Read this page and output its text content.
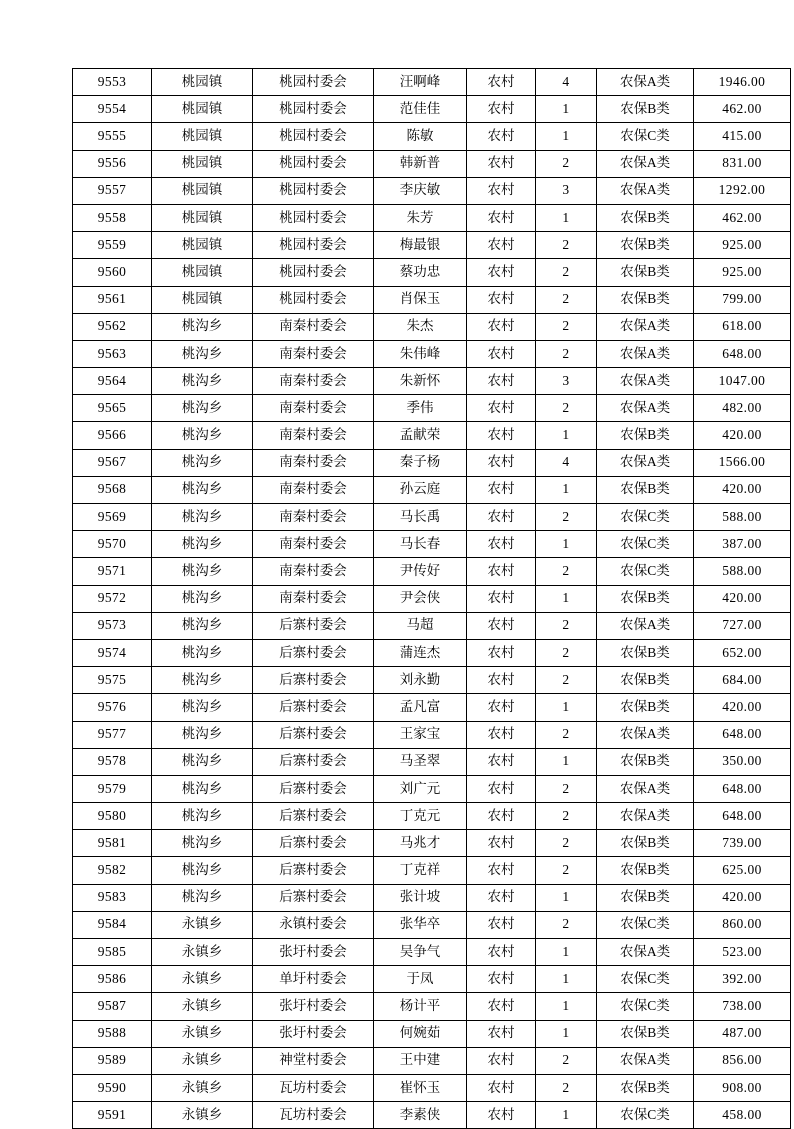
9553	桃园镇	桃园村委会	汪啊峰	农村	4	农保A类	1946.00
9554	桃园镇	桃园村委会	范佳佳	农村	1	农保B类	462.00
9555	桃园镇	桃园村委会	陈敏	农村	1	农保C类	415.00
9556	桃园镇	桃园村委会	韩新普	农村	2	农保A类	831.00
9557	桃园镇	桃园村委会	李庆敏	农村	3	农保A类	1292.00
9558	桃园镇	桃园村委会	朱芳	农村	1	农保B类	462.00
9559	桃园镇	桃园村委会	梅最银	农村	2	农保B类	925.00
9560	桃园镇	桃园村委会	蔡功忠	农村	2	农保B类	925.00
9561	桃园镇	桃园村委会	肖保玉	农村	2	农保B类	799.00
9562	桃沟乡	南秦村委会	朱杰	农村	2	农保A类	618.00
9563	桃沟乡	南秦村委会	朱伟峰	农村	2	农保A类	648.00
9564	桃沟乡	南秦村委会	朱新怀	农村	3	农保A类	1047.00
9565	桃沟乡	南秦村委会	季伟	农村	2	农保A类	482.00
9566	桃沟乡	南秦村委会	孟献荣	农村	1	农保B类	420.00
9567	桃沟乡	南秦村委会	秦子杨	农村	4	农保A类	1566.00
9568	桃沟乡	南秦村委会	孙云庭	农村	1	农保B类	420.00
9569	桃沟乡	南秦村委会	马长禹	农村	2	农保C类	588.00
9570	桃沟乡	南秦村委会	马长春	农村	1	农保C类	387.00
9571	桃沟乡	南秦村委会	尹传好	农村	2	农保C类	588.00
9572	桃沟乡	南秦村委会	尹会侠	农村	1	农保B类	420.00
9573	桃沟乡	后寨村委会	马超	农村	2	农保A类	727.00
9574	桃沟乡	后寨村委会	蒲连杰	农村	2	农保B类	652.00
9575	桃沟乡	后寨村委会	刘永勤	农村	2	农保B类	684.00
9576	桃沟乡	后寨村委会	孟凡富	农村	1	农保B类	420.00
9577	桃沟乡	后寨村委会	王家宝	农村	2	农保A类	648.00
9578	桃沟乡	后寨村委会	马圣翠	农村	1	农保B类	350.00
9579	桃沟乡	后寨村委会	刘广元	农村	2	农保A类	648.00
9580	桃沟乡	后寨村委会	丁克元	农村	2	农保A类	648.00
9581	桃沟乡	后寨村委会	马兆才	农村	2	农保B类	739.00
9582	桃沟乡	后寨村委会	丁克祥	农村	2	农保B类	625.00
9583	桃沟乡	后寨村委会	张计坡	农村	1	农保B类	420.00
9584	永镇乡	永镇村委会	张华卒	农村	2	农保C类	860.00
9585	永镇乡	张圩村委会	吴争气	农村	1	农保A类	523.00
9586	永镇乡	单圩村委会	于凤	农村	1	农保C类	392.00
9587	永镇乡	张圩村委会	杨计平	农村	1	农保C类	738.00
9588	永镇乡	张圩村委会	何婉茹	农村	1	农保B类	487.00
9589	永镇乡	神堂村委会	王中建	农村	2	农保A类	856.00
9590	永镇乡	瓦坊村委会	崔怀玉	农村	2	农保B类	908.00
9591	永镇乡	瓦坊村委会	李素侠	农村	1	农保C类	458.00
